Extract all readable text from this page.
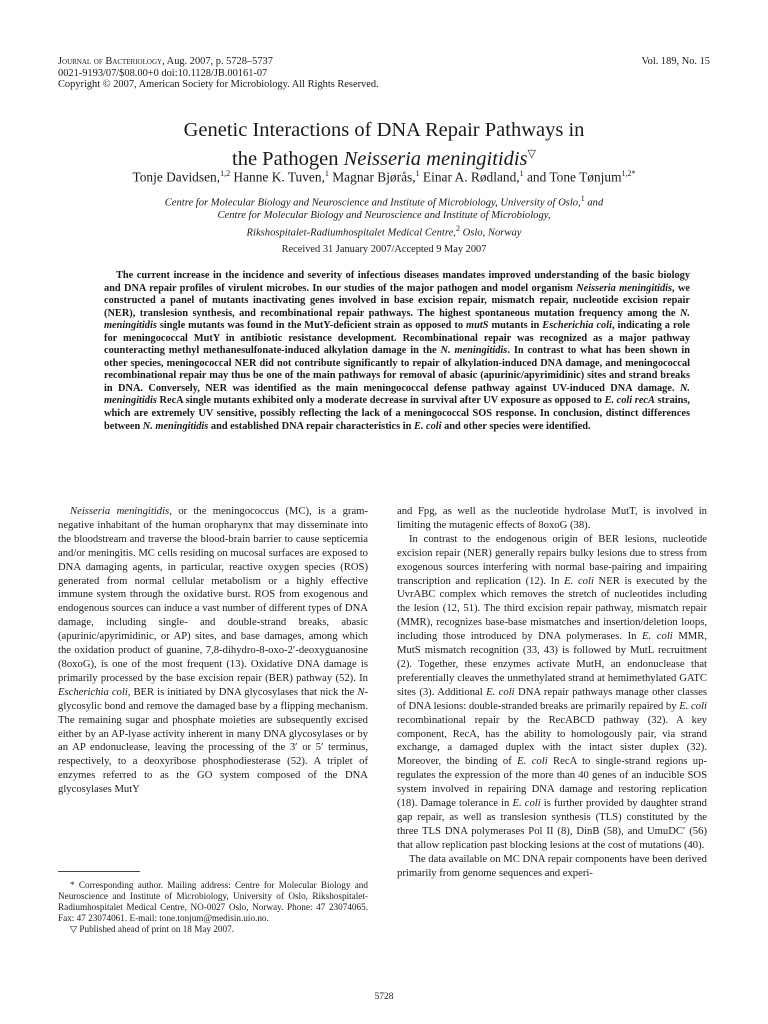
Journal of Bacteriology, Aug. 2007, p. 5728–5737
0021-9193/07/$08.00+0 doi:10.1128/JB.00161-07
Copyright © 2007, American Society for Microbiology. All Rights Reserved.
Vol. 189, No. 15
Genetic Interactions of DNA Repair Pathways in
the Pathogen Neisseria meningitidis▽
Tonje Davidsen,$^{1,2}$ Hanne K. Tuven,$^1$ Magnar Bjørås,$^1$ Einar A. Rødland,$^1$ and Tone Tønjum$^{1,2*}$
Centre for Molecular Biology and Neuroscience and Institute of Microbiology, University of Oslo,$^1$ and
Centre for Molecular Biology and Neuroscience and Institute of Microbiology,
Rikshospitalet-Radiumhospitalet Medical Centre,$^2$ Oslo, Norway
Received 31 January 2007/Accepted 9 May 2007
The current increase in the incidence and severity of infectious diseases mandates improved understanding of the basic biology and DNA repair profiles of virulent microbes. In our studies of the major pathogen and model organism Neisseria meningitidis, we constructed a panel of mutants inactivating genes involved in base excision repair, mismatch repair, nucleotide excision repair (NER), translesion synthesis, and recombinational repair pathways. The highest spontaneous mutation frequency among the N. meningitidis single mutants was found in the MutY-deficient strain as opposed to mutS mutants in Escherichia coli, indicating a role for meningococcal MutY in antibiotic resistance development. Recombinational repair was recognized as a major pathway counteracting methyl methanesulfonate-induced alkylation damage in the N. meningitidis. In contrast to what has been shown in other species, meningococcal NER did not contribute significantly to repair of alkylation-induced DNA damage, and meningococcal recombinational repair may thus be one of the main pathways for removal of abasic (apurinic/apyrimidinic) sites and strand breaks in DNA. Conversely, NER was identified as the main meningococcal defense pathway against UV-induced DNA damage. N. meningitidis RecA single mutants exhibited only a moderate decrease in survival after UV exposure as opposed to E. coli recA strains, which are extremely UV sensitive, possibly reflecting the lack of a meningococcal SOS response. In conclusion, distinct differences between N. meningitidis and established DNA repair characteristics in E. coli and other species were identified.

Neisseria meningitidis, or the meningococcus (MC), is a gram-negative inhabitant of the human oropharynx that may disseminate into the bloodstream and traverse the blood-brain barrier to cause septicemia and/or meningitis. MC cells residing on mucosal surfaces are exposed to DNA damaging agents, in particular, reactive oxygen species (ROS) generated from normal cellular metabolism or a highly effective immune system through the oxidative burst. ROS from exogenous and endogenous sources can induce a vast number of different types of DNA damage, including single- and double-strand breaks, abasic (apurinic/apyrimidinic, or AP) sites, and base damages, among which the oxidation product of guanine, 7,8-dihydro-8-oxo-2′-deoxyguanosine (8oxoG), is one of the most frequent (13). Oxidative DNA damage is primarily processed by the base excision repair (BER) pathway (52). In Escherichia coli, BER is initiated by DNA glycosylases that nick the N-glycosylic bond and remove the damaged base by a flipping mechanism. The remaining sugar and phosphate moieties are subsequently excised either by an AP-lyase activity inherent in many DNA glycosylases or by an AP endonuclease, leaving the processing of the 3′ or 5′ terminus, respectively, to a deoxyribose phosphodiesterase (52). A triplet of enzymes referred to as the GO system composed of the DNA glycosylases MutY

and Fpg, as well as the nucleotide hydrolase MutT, is involved in limiting the mutagenic effects of 8oxoG (38).

In contrast to the endogenous origin of BER lesions, nucleotide excision repair (NER) generally repairs bulky lesions due to stress from exogenous sources interfering with normal base-pairing and impairing transcription and replication (12). In E. coli NER is executed by the UvrABC complex which removes the stretch of nucleotides including the lesion (12, 51). The third excision repair pathway, mismatch repair (MMR), recognizes base-base mismatches and insertion/deletion loops, including those introduced by DNA polymerases. In E. coli MMR, MutS mismatch recognition (33, 43) is followed by MutL recruitment (2). Together, these enzymes activate MutH, an endonuclease that preferentially cleaves the unmethylated strand at hemimethylated GATC sites (3). Additional E. coli DNA repair pathways manage other classes of DNA lesions: double-stranded breaks are primarily repaired by E. coli recombinational repair by the RecABCD pathway (32). A key component, RecA, has the ability to homologously pair, via strand exchange, a damaged duplex with the intact sister duplex (32). Moreover, the binding of E. coli RecA to single-strand regions up-regulates the expression of the more than 40 genes of an inducible SOS system involved in repairing DNA damage and restoring replication (18). Damage tolerance in E. coli is further provided by daughter strand gap repair, as well as translesion synthesis (TLS) constituted by the three TLS DNA polymerases Pol II (8), DinB (58), and UmuDC′ (56) that allow replication past blocking lesions at the cost of mutations (40).

The data available on MC DNA repair components have been derived primarily from genome sequences and experi-

* Corresponding author. Mailing address: Centre for Molecular Biology and Neuroscience and Institute of Microbiology, University of Oslo, Rikshospitalet-Radiumhospitalet Medical Centre, NO-0027 Oslo, Norway. Phone: 47 23074065. Fax: 47 23074061. E-mail: tone.tonjum@medisin.uio.no.

▽ Published ahead of print on 18 May 2007.

5728
